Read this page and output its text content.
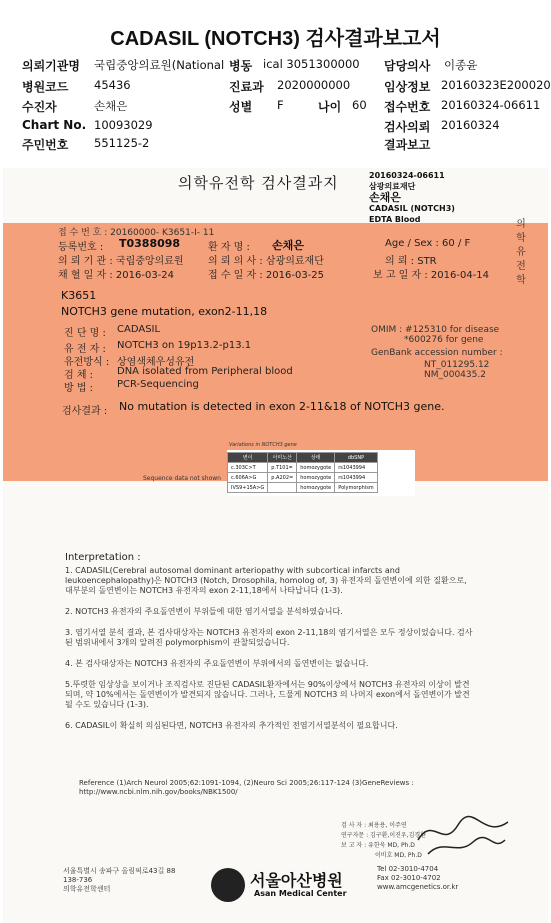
CADASIL (NOTCH3) 검사결과보고서
의뢰기관명 국립중앙의료원(National 병동 ical 3051300000 담당의사 이종윤
병원코드 45436	진료과 2020000000	임상정보 20160323E200020
수진자	손채은	성별 F	나이 60 접수번호 20160324-06611
Chart No. 10093029	검사의뢰 20160324
주민번호 551125-2	결과보고
의학유전학 검사결과지	20160324-06611
삼광의료재단
손채은
CADASIL (NOTCH3)
EDTA Blood	의학유전학
접 수 번 호 : 20160000- K3651-I- 11
등록번호 : T0388098	환 자 명 : 손채은	Age / Sex : 60 / F
의 뢰 기 관 : 국립중앙의료원 의 뢰 의 사 : 삼광의료재단	의 뢰 : STR
채 혈 일 자 : 2016-03-24	접 수 일 자 : 2016-03-25	보 고 일 자 : 2016-04-14
K3651
NOTCH3 gene mutation, exon2-11,18
진 단 명 : CADASIL
유 전 자 : NOTCH3 on 19p13.2-p13.1
유전방식 : 상염색체우성유전
검 체 : DNA isolated from Peripheral blood
방 법 : PCR-Sequencing
OMIM : #125310 for disease
*600276 for gene
GenBank accession number :
NT_011295.12
NM_000435.2
검사결과 : No mutation is detected in exon 2-11&18 of NOTCH3 gene.
Variations in NOTCH3 gene
변이	아미노산	상태	dbSNP
c.303C>T	p.T101=	homozygote	rs1043994
c.606A>G	p.A202=	homozygote	rs1043994
IVS9+15A>G		homozygote	Polymorphism
Sequence data not shown
Interpretation :
1. CADASIL(Cerebral autosomal dominant arteriopathy with subcortical infarcts and leukoencephalopathy)은 NOTCH3 (Notch, Drosophila, homolog of, 3) 유전자의 돌연변이에 의한 질환으로, 대부분의 돌연변이는 NOTCH3 유전자의 exon 2-11,18에서 나타납니다 (1-3).
2. NOTCH3 유전자의 주요돌연변이 부위들에 대한 염기서열을 분석하였습니다.
3. 염기서열 분석 결과, 본 검사대상자는 NOTCH3 유전자의 exon 2-11,18의 염기서열은 모두 정상이었습니다. 검사된 범위내에서 3개의 알려진 polymorphism이 관찰되었습니다.
4. 본 검사대상자는 NOTCH3 유전자의 주요돌연변이 부위에서의 돌연변이는 없습니다.
5.뚜렷한 임상상을 보이거나 조직검사로 진단된 CADASIL환자에서는 90%이상에서 NOTCH3 유전자의 이상이 발견되며, 약 10%에서는 돌연변이가 발견되지 않습니다. 그러나, 드물게 NOTCH3 의 나머지 exon에서 돌연변이가 발견될 수도 있습니다 (1-3).
6. CADASIL이 확실히 의심된다면, NOTCH3 유전자의 추가적인 전염기서열분석이 필요합니다.
Reference (1)Arch Neurol 2005;62:1091-1094, (2)Neuro Sci 2005;26:117-124 (3)GeneReviews : http://www.ncbi.nlm.nih.gov/books/NBK1500/
검 사 자 : 최용용, 이주연
연구자문 : 김구환,이진우,김경환
보 고 자 : 유한욱 MD, Ph.D
이비호 MD, Ph.D
서울특별시 송파구 올림픽로43길 88
138-736
의학유전학센터	서울아산병원
Asan Medical Center
Tel 02-3010-4704
Fax 02-3010-4702
www.amcgenetics.or.kr
